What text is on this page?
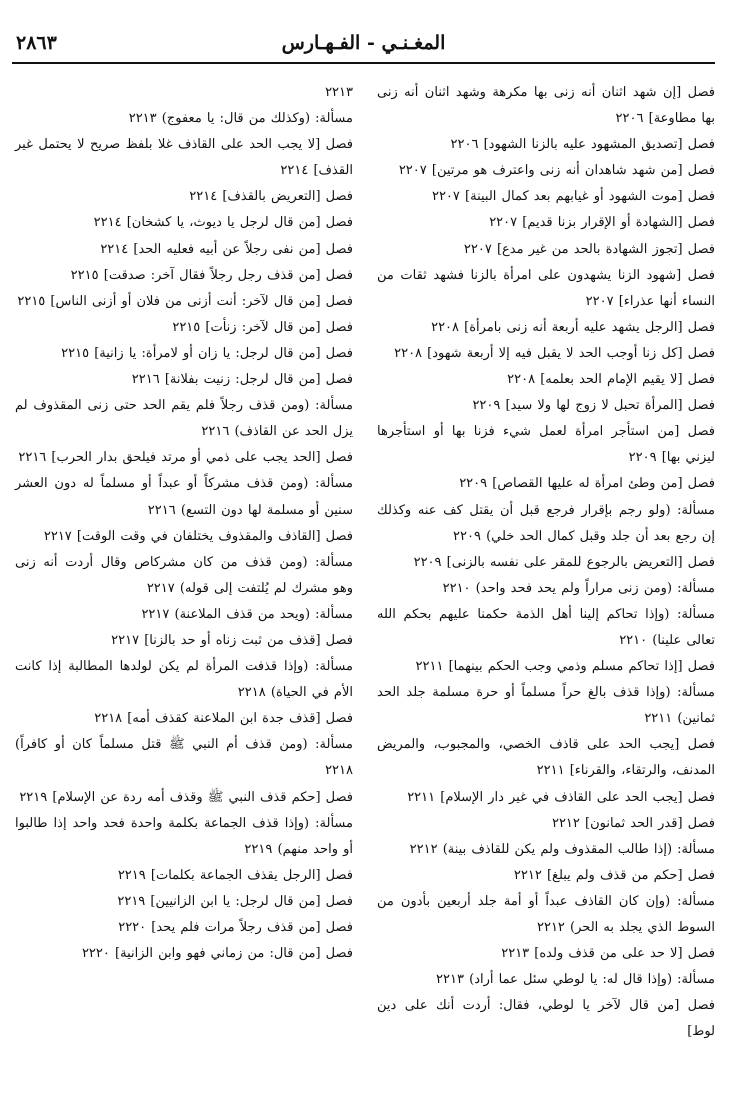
المغـنـي - الفـهـارس
٢٨٦٣
فصل [إن شهد اثنان أنه زنى بها مكرهة وشهد اثنان أنه زنى بها مطاوعة] ٢٢٠٦
فصل [تصديق المشهود عليه بالزنا الشهود] ٢٢٠٦
فصل [من شهد شاهدان أنه زنى واعترف هو مرتين] ٢٢٠٧
فصل [موت الشهود أو غيابهم بعد كمال البينة] ٢٢٠٧
فصل [الشهادة أو الإقرار بزنا قديم] ٢٢٠٧
فصل [تجوز الشهادة بالحد من غير مدع] ٢٢٠٧
فصل [شهود الزنا يشهدون على امرأة بالزنا فشهد ثقات من النساء أنها عذراء] ٢٢٠٧
فصل [الرجل يشهد عليه أربعة أنه زنى بامرأة] ٢٢٠٨
فصل [كل زنا أوجب الحد لا يقبل فيه إلا أربعة شهود] ٢٢٠٨
فصل [لا يقيم الإمام الحد بعلمه] ٢٢٠٨
فصل [المرأة تحبل لا زوج لها ولا سيد] ٢٢٠٩
فصل [من استأجر امرأة لعمل شيء فزنا بها أو استأجرها ليزني بها] ٢٢٠٩
فصل [من وطئ امرأة له عليها القصاص] ٢٢٠٩
مسألة: (ولو رجم بإقرار فرجع قبل أن يقتل كف عنه وكذلك إن رجع بعد أن جلد وقبل كمال الحد خلي) ٢٢٠٩
فصل [التعريض بالرجوع للمقر على نفسه بالزنى] ٢٢٠٩
مسألة: (ومن زنى مراراً ولم يحد فحد واحد) ٢٢١٠
مسألة: (وإذا تحاكم إلينا أهل الذمة حكمنا عليهم بحكم الله تعالى علينا) ٢٢١٠
فصل [إذا تحاكم مسلم وذمي وجب الحكم بينهما] ٢٢١١
مسألة: (وإذا قذف بالغ حراً مسلماً أو حرة مسلمة جلد الحد ثمانين) ٢٢١١
فصل [يجب الحد على قاذف الخصي، والمجبوب، والمريض المدنف، والرتقاء، والقرناء] ٢٢١١
فصل [يجب الحد على القاذف في غير دار الإسلام] ٢٢١١
فصل [قدر الحد ثمانون] ٢٢١٢
مسألة: (إذا طالب المقذوف ولم يكن للقاذف بينة) ٢٢١٢
فصل [حكم من قذف ولم يبلغ] ٢٢١٢
مسألة: (وإن كان القاذف عبداً أو أمة جلد أربعين بأدون من السوط الذي يجلد به الحر) ٢٢١٢
فصل [لا حد على من قذف ولده] ٢٢١٣
مسألة: (وإذا قال له: يا لوطي سئل عما أراد) ٢٢١٣
فصل [من قال لآخر يا لوطي، فقال: أردت أنك على دين لوط]
٢٢١٣
مسألة: (وكذلك من قال: يا معفوج) ٢٢١٣
فصل [لا يجب الحد على القاذف غلا بلفظ صريح لا يحتمل غير القذف] ٢٢١٤
فصل [التعريض بالقذف] ٢٢١٤
فصل [من قال لرجل يا ديوث، يا كشخان] ٢٢١٤
فصل [من نفى رجلاً عن أبيه فعليه الحد] ٢٢١٤
فصل [من قذف رجل رجلاً فقال آخر: صدقت] ٢٢١٥
فصل [من قال لآخر: أنت أزنى من فلان أو أزنى الناس] ٢٢١٥
فصل [من قال لآخر: زنأت] ٢٢١٥
فصل [من قال لرجل: يا زان أو لامرأة: يا زانية] ٢٢١٥
فصل [من قال لرجل: زنيت بفلانة] ٢٢١٦
مسألة: (ومن قذف رجلاً فلم يقم الحد حتى زنى المقذوف لم يزل الحد عن القاذف) ٢٢١٦
فصل [الحد يجب على ذمي أو مرتد فيلحق بدار الحرب] ٢٢١٦
مسألة: (ومن قذف مشركاً أو عبداً أو مسلماً له دون العشر سنين أو مسلمة لها دون التسع) ٢٢١٦
فصل [القاذف والمقذوف يختلفان في وقت الوقت] ٢٢١٧
مسألة: (ومن قذف من كان مشركاص وقال أردت أنه زنى وهو مشرك لم يُلتفت إلى قوله) ٢٢١٧
مسألة: (ويحد من قذف الملاعنة) ٢٢١٧
فصل [قذف من ثبت زناه أو حد بالزنا] ٢٢١٧
مسألة: (وإذا قذفت المرأة لم يكن لولدها المطالبة إذا كانت الأم في الحياة) ٢٢١٨
فصل [قذف جدة ابن الملاعنة كقذف أمه] ٢٢١٨
مسألة: (ومن قذف أم النبي ﷺ قتل مسلماً كان أو كافراً) ٢٢١٨
فصل [حكم قذف النبي ﷺ وقذف أمه ردة عن الإسلام] ٢٢١٩
مسألة: (وإذا قذف الجماعة بكلمة واحدة فحد واحد إذا طالبوا أو واحد منهم) ٢٢١٩
فصل [الرجل يقذف الجماعة بكلمات] ٢٢١٩
فصل [من قال لرجل: يا ابن الزانيين] ٢٢١٩
فصل [من قذف رجلاً مرات فلم يحد] ٢٢٢٠
فصل [من قال: من زماني فهو وابن الزانية] ٢٢٢٠
